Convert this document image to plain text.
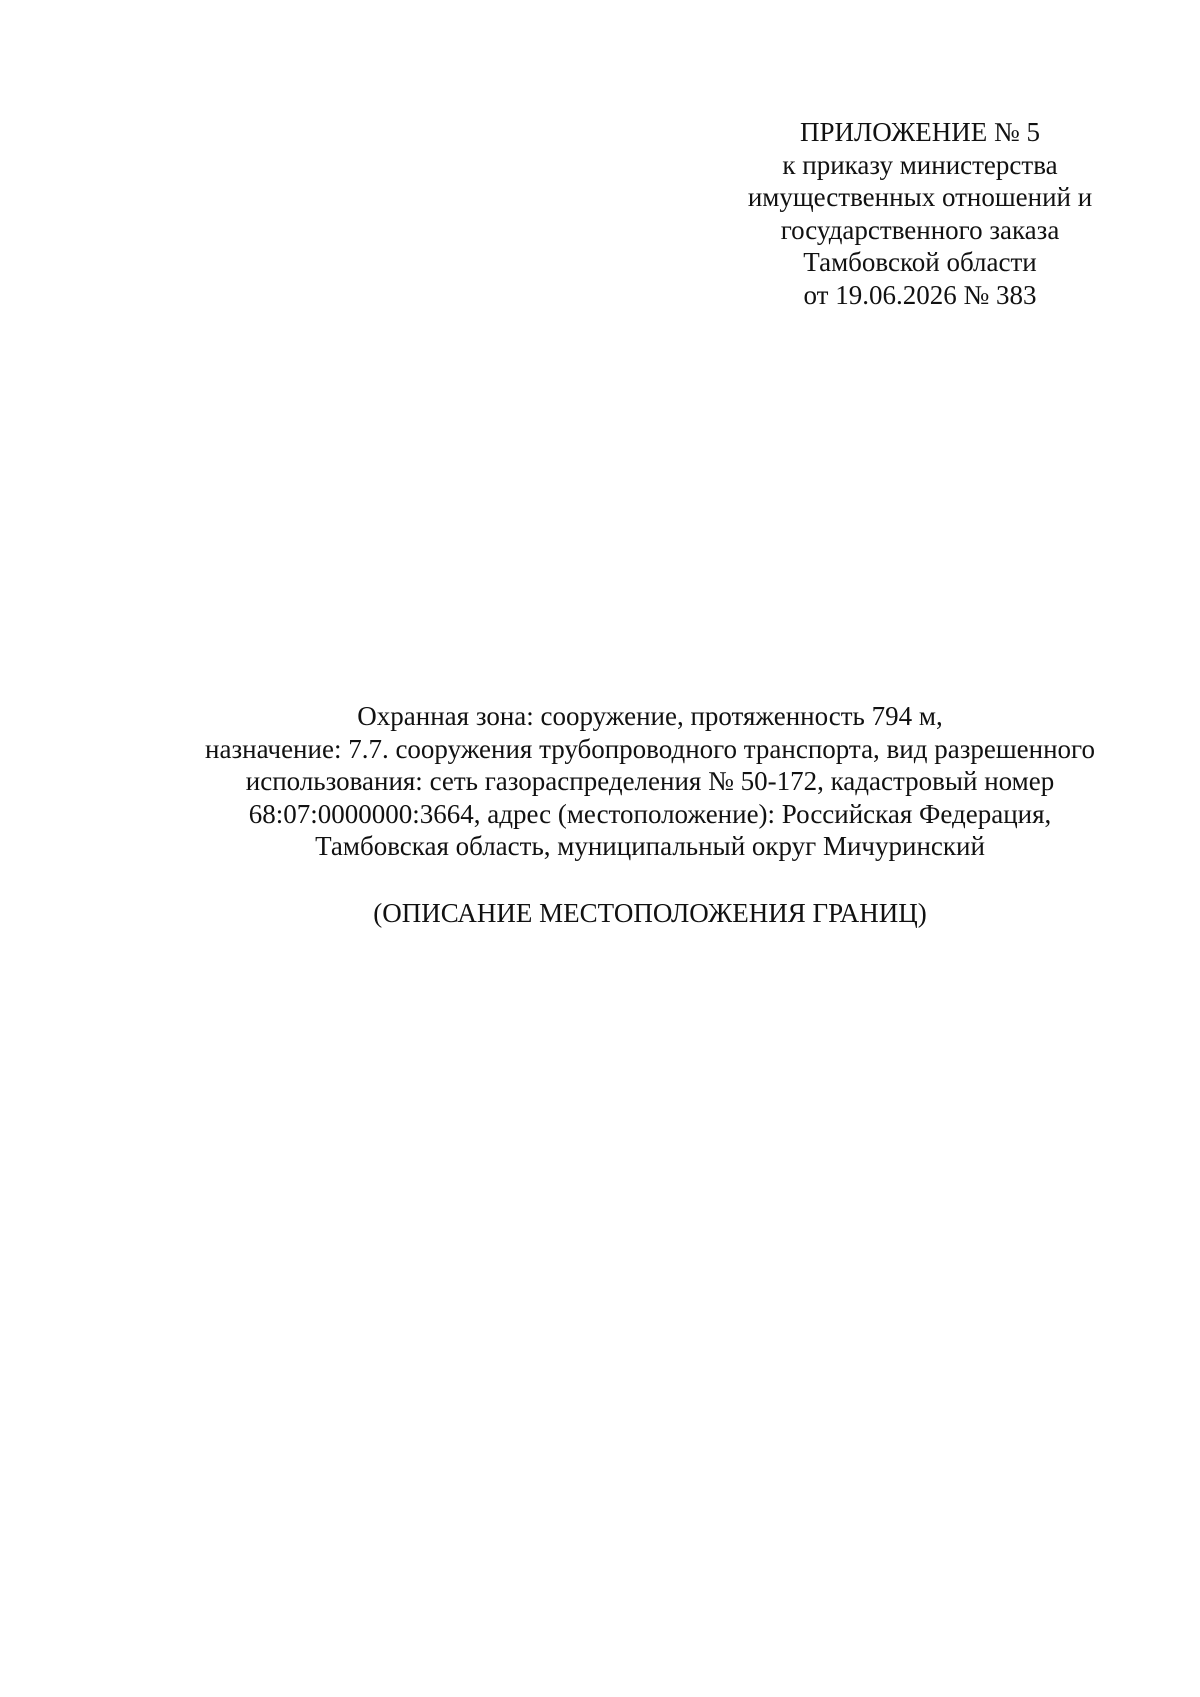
ПРИЛОЖЕНИЕ № 5
к приказу министерства
имущественных отношений и
государственного заказа
Тамбовской области
от 19.06.2026 № 383
Охранная зона: сооружение, протяженность 794 м,
назначение: 7.7. сооружения трубопроводного транспорта, вид разрешенного
использования: сеть газораспределения № 50-172, кадастровый номер
68:07:0000000:3664, адрес (местоположение): Российская Федерация,
Тамбовская область, муниципальный округ Мичуринский
(ОПИСАНИЕ МЕСТОПОЛОЖЕНИЯ ГРАНИЦ)
